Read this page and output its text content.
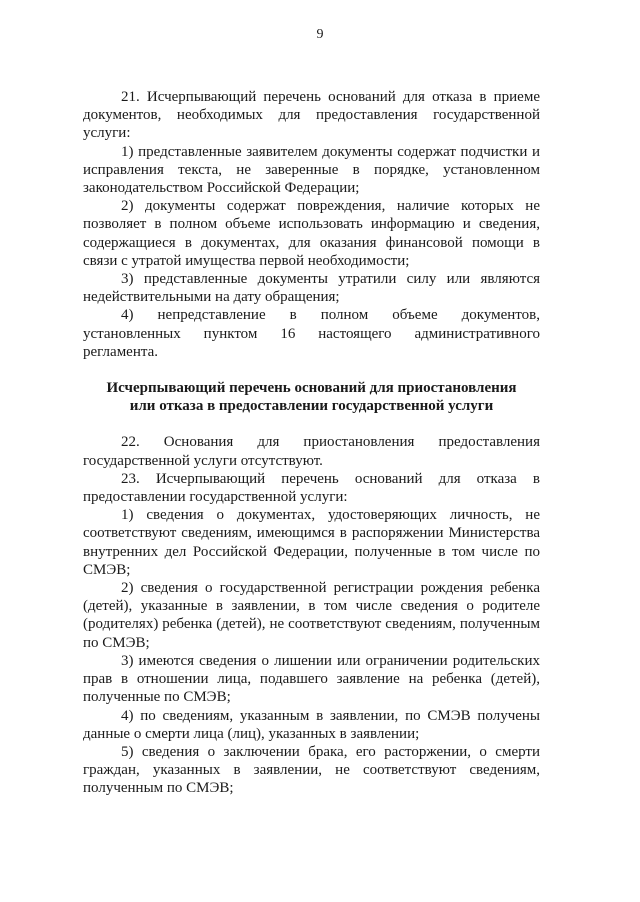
9

21. Исчерпывающий перечень оснований для отказа в приеме документов, необходимых для предоставления государственной услуги:

1) представленные заявителем документы содержат подчистки и исправления текста, не заверенные в порядке, установленном законодательством Российской Федерации;

2) документы содержат повреждения, наличие которых не позволяет в полном объеме использовать информацию и сведения, содержащиеся в документах, для оказания финансовой помощи в связи с утратой имущества первой необходимости;

3) представленные документы утратили силу или являются недействительными на дату обращения;

4) непредставление в полном объеме документов, установленных пунктом 16 настоящего административного регламента.

Исчерпывающий перечень оснований для приостановления
или отказа в предоставлении государственной услуги

22. Основания для приостановления предоставления государственной услуги отсутствуют.

23. Исчерпывающий перечень оснований для отказа в предоставлении государственной услуги:

1) сведения о документах, удостоверяющих личность, не соответствуют сведениям, имеющимся в распоряжении Министерства внутренних дел Российской Федерации, полученные в том числе по СМЭВ;

2) сведения о государственной регистрации рождения ребенка (детей), указанные в заявлении, в том числе сведения о родителе (родителях) ребенка (детей), не соответствуют сведениям, полученным по СМЭВ;

3) имеются сведения о лишении или ограничении родительских прав в отношении лица, подавшего заявление на ребенка (детей), полученные по СМЭВ;

4) по сведениям, указанным в заявлении, по СМЭВ получены данные о смерти лица (лиц), указанных в заявлении;

5) сведения о заключении брака, его расторжении, о смерти граждан, указанных в заявлении, не соответствуют сведениям, полученным по СМЭВ;
